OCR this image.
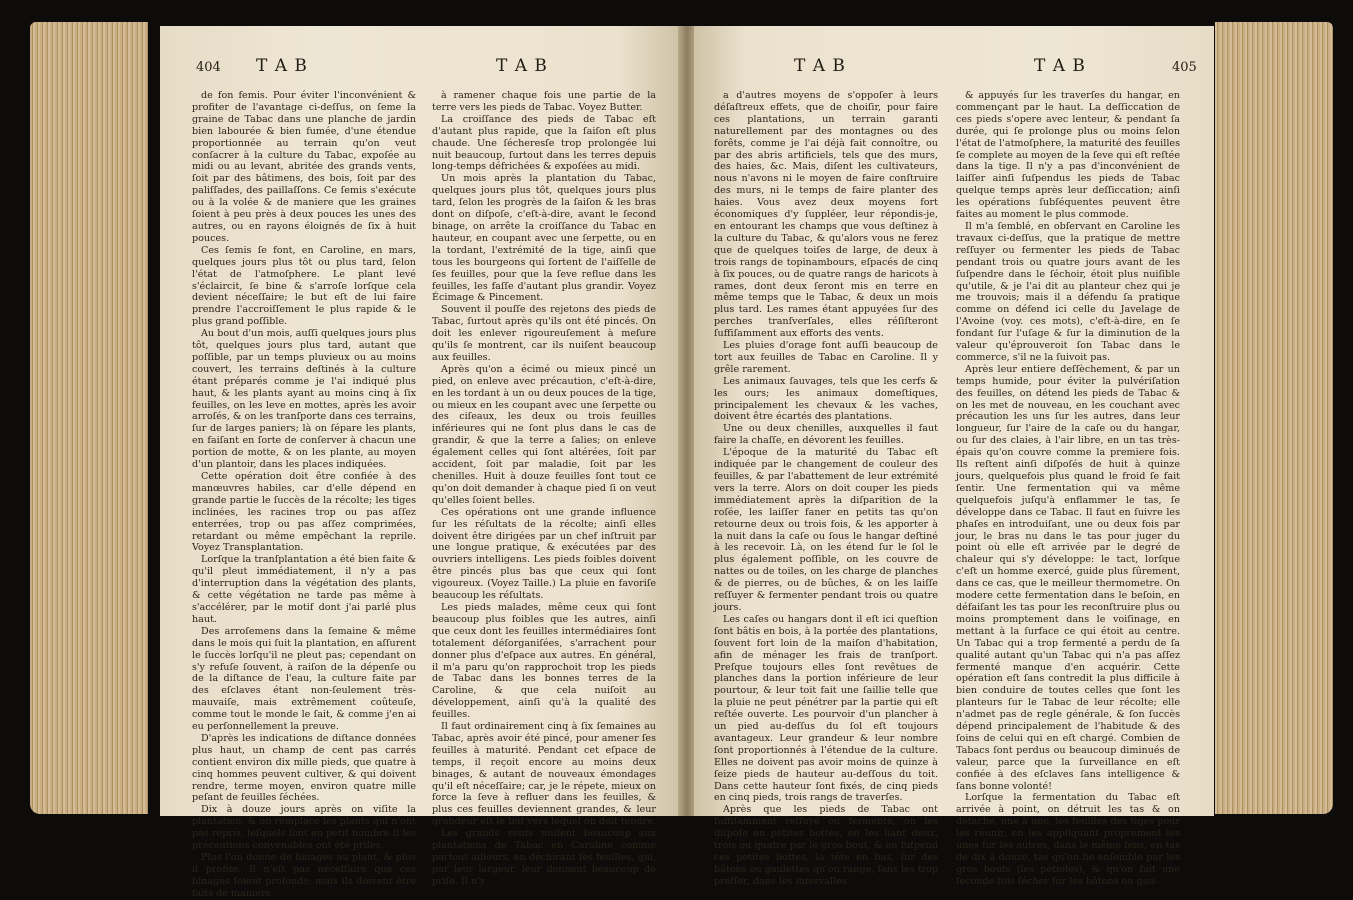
404 T A B	T A B

de fon femis. Pour éviter l'inconvénient & profiter de l'avantage ci-deſſus, on ſeme la graine de Tabac dans une planche de jardin bien labourée & bien fumée, d'une étendue proportionnée au terrain qu'on veut conſacrer à la culture du Tabac, expoſée au midi ou au levant, abritée des grands vents, ſoit par des bâtimens, des bois, ſoit par des paliſſades, des paillaſſons. Ce ſemis s'exécute ou à la volée & de maniere que les graines ſoient à peu près à deux pouces les unes des autres, ou en rayons éloignés de ſix à huit pouces.

Ces ſemis ſe font, en Caroline, en mars, quelques jours plus tôt ou plus tard, ſelon l'état de l'atmoſphere. Le plant levé s'éclaircit, ſe bine & s'arroſe lorſque cela devient néceſſaire; le but eſt de lui faire prendre l'accroiſſement le plus rapide & le plus grand poſſible.

Au bout d'un mois, auſſi quelques jours plus tôt, quelques jours plus tard, autant que poſſible, par un temps pluvieux ou au moins couvert, les terrains deſtinés à la culture étant préparés comme je l'ai indiqué plus haut, & les plants ayant au moins cinq à ſix feuilles, on les leve en mottes, après les avoir arroſés, & on les tranſporte dans ces terrains, ſur de larges paniers; là on ſépare les plants, en faiſant en ſorte de conſerver à chacun une portion de motte, & on les plante, au moyen d'un plantoir, dans les places indiquées.

Cette opération doit être confiée à des manœuvres habiles, car d'elle dépend en grande partie le ſuccès de la récolte; les tiges inclinées, les racines trop ou pas aſſez enterrées, trop ou pas aſſez comprimées, retardant ou même empêchant la reprile. Voyez Transplantation.

Lorſque la tranſplantation a été bien faite & qu'il pleut immédiatement, il n'y a pas d'interruption dans la végétation des plants, & cette végétation ne tarde pas même à s'accélérer, par le motif dont j'ai parlé plus haut.

Des arroſemens dans la ſemaine & même dans le mois qui ſuit la plantation, en aſſurent le ſuccès lorſqu'il ne pleut pas; cependant on s'y refuſe ſouvent, à raiſon de la dépenſe ou de la diſtance de l'eau, la culture faite par des eſclaves étant non-ſeulement très-mauvaiſe, mais extrêmement coûteuſe, comme tout le monde le ſait, & comme j'en ai eu perſonnellement la preuve.

D'après les indications de diſtance données plus haut, un champ de cent pas carrés contient environ dix mille pieds, que quatre à cinq hommes peuvent cultiver, & qui doivent rendre, terme moyen, environ quatre mille peſant de feuilles ſéchées.

Dix à douze jours après on viſite la plantation, & on remplace les plants qui n'ont pas repris, leſquels ſont en petit nombre ſi les précautions convenables ont été priſes.

Plus l'on donne de binages au plant, & plus il profite. Il n'eſt pas néceſſaire que ces binages ſoient profonds; mais ils doivent être faits de maniere

à ramener chaque fois une partie de la terre vers les pieds de Tabac. Voyez Butter.

La croiſſance des pieds de Tabac eſt d'autant plus rapide, que la ſaiſon eſt plus chaude. Une ſécheresſe trop prolongée lui nuit beaucoup, ſurtout dans les terres depuis long-temps défrichées & expoſées au midi.

Un mois après la plantation du Tabac, quelques jours plus tôt, quelques jours plus tard, ſelon les progrès de la ſaiſon & les bras dont on diſpoſe, c'eſt-à-dire, avant le ſecond binage, on arrête la croiſſance du Tabac en hauteur, en coupant avec une ſerpette, ou en la tordant, l'extrémité de la tige, ainſi que tous les bourgeons qui ſortent de l'aiſſelle de ſes feuilles, pour que la ſeve reflue dans les feuilles, les faſſe d'autant plus grandir. Voyez Écimage & Pincement.

Souvent il pouſſe des rejetons des pieds de Tabac, ſurtout après qu'ils ont été pincés. On doit les enlever rigoureuſement à meſure qu'ils ſe montrent, car ils nuiſent beaucoup aux feuilles.

Après qu'on a écimé ou mieux pincé un pied, on enleve avec précaution, c'eſt-à-dire, en les tordant à un ou deux pouces de la tige, ou mieux en les coupant avec une ſerpette ou des ciſeaux, les deux ou trois feuilles inférieures qui ne ſont plus dans le cas de grandir, & que la terre a ſalies; on enleve également celles qui ſont altérées, ſoit par accident, ſoit par maladie, ſoit par les chenilles. Huit à douze feuilles ſont tout ce qu'on doit demander à chaque pied ſi on veut qu'elles ſoient belles.

Ces opérations ont une grande influence ſur les réſultats de la récolte; ainſi elles doivent être dirigées par un chef inſtruit par une longue pratique, & exécutées par des ouvriers intelligens. Les pieds foibles doivent être pincés plus bas que ceux qui ſont vigoureux. (Voyez Taille.) La pluie en favoriſe beaucoup les réſultats.

Les pieds malades, même ceux qui ſont beaucoup plus foibles que les autres, ainſi que ceux dont les feuilles intermédiaires ſont totalement déſorganiſées, s'arrachent pour donner plus d'eſpace aux autres. En général, il m'a paru qu'on rapprochoit trop les pieds de Tabac dans les bonnes terres de la Caroline, & que cela nuiſoit au développement, ainſi qu'à la qualité des feuilles.

Il faut ordinairement cinq à ſix ſemaines au Tabac, après avoir été pincé, pour amener ſes feuilles à maturité. Pendant cet eſpace de temps, il reçoit encore au moins deux binages, & autant de nouveaux émondages qu'il eſt néceſſaire; car, je le répete, mieux on force la ſeve à refluer dans les feuilles, & plus ces feuilles deviennent grandes, & leur grandeur eſt le but vers lequel on doit tendre.

Les grands vents nuiſent beaucoup aux plantations de Tabac en Caroline comme partout ailleurs, en déchirant ſes feuilles, qui, par leur largeur, leur donnent beaucoup de priſe. Il n'y

T A B	T A B	405

a d'autres moyens de s'oppoſer à leurs déſaſtreux effets, que de choiſir, pour faire ces plantations, un terrain garanti naturellement par des montagnes ou des forêts, comme je l'ai déjà fait connoître, ou par des abris artificiels, tels que des murs, des haies, &c. Mais, diſent les cultivateurs, nous n'avons ni le moyen de faire conſtruire des murs, ni le temps de faire planter des haies. Vous avez deux moyens fort économiques d'y ſuppléer, leur répondis-je, en entourant les champs que vous deſtinez à la culture du Tabac, & qu'alors vous ne ferez que de quelques toiſes de large, de deux à trois rangs de topinambours, eſpacés de cinq à ſix pouces, ou de quatre rangs de haricots à rames, dont deux ſeront mis en terre en même temps que le Tabac, & deux un mois plus tard. Les rames étant appuyées ſur des perches tranſverſales, elles réſiſteront ſuffiſamment aux efforts des vents.

Les pluies d'orage font auſſi beaucoup de tort aux feuilles de Tabac en Caroline. Il y grêle rarement.

Les animaux ſauvages, tels que les cerfs & les ours; les animaux domeſtiques, principalement les chevaux & les vaches, doivent être écartés des plantations.

Une ou deux chenilles, auxquelles il faut faire la chaſſe, en dévorent les feuilles.

L'époque de la maturité du Tabac eſt indiquée par le changement de couleur des feuilles, & par l'abattement de leur extrémité vers la terre. Alors on doit couper les pieds immédiatement après la diſparition de la roſée, les laiſſer faner en petits tas qu'on retourne deux ou trois fois, & les apporter à la nuit dans la caſe ou ſous le hangar deſtiné à les recevoir. Là, on les étend ſur le ſol le plus également poſſible, on les couvre de nattes ou de toiles, on les charge de planches & de pierres, ou de bûches, & on les laiſſe reſſuyer & fermenter pendant trois ou quatre jours.

Les caſes ou hangars dont il eſt ici queſtion ſont bâtis en bois, à la portée des plantations, ſouvent fort loin de la maiſon d'habitation, afin de ménager les frais de tranſport. Preſque toujours elles ſont revêtues de planches dans la portion inférieure de leur pourtour, & leur toit fait une ſaillie telle que la pluie ne peut pénétrer par la partie qui eſt reſtée ouverte. Les pourvoir d'un plancher à un pied au-deſſus du ſol eſt toujours avantageux. Leur grandeur & leur nombre ſont proportionnés à l'étendue de la culture. Elles ne doivent pas avoir moins de quinze à ſeize pieds de hauteur au-deſſous du toit. Dans cette hauteur ſont fixés, de cinq pieds en cinq pieds, trois rangs de traverſes.

Après que les pieds de Tabac ont ſuffiſamment reſſuyé ou fermenté, on les diſpoſe en petites bottes, en les liant deux, trois ou quatre par le gros bout, & on ſuſpend ces petites bottes, la tête en bas, ſur des bâtons ou gaulettes qu'on range, ſans les trop preſſer, dans les intervalles

& appuyés ſur les traverſes du hangar, en commençant par le haut. La deſſiccation de ces pieds s'opere avec lenteur, & pendant ſa durée, qui ſe prolonge plus ou moins ſelon l'état de l'atmoſphere, la maturité des feuilles ſe complete au moyen de la ſeve qui eſt reſtée dans la tige. Il n'y a pas d'inconvénient de laiſſer ainſi ſuſpendus les pieds de Tabac quelque temps après leur deſſiccation; ainſi les opérations ſubſéquentes peuvent être faites au moment le plus commode.

Il m'a ſemblé, en obſervant en Caroline les travaux ci-deſſus, que la pratique de mettre reſſuyer ou fermenter les pieds de Tabac pendant trois ou quatre jours avant de les ſuſpendre dans le ſéchoir, étoit plus nuiſible qu'utile, & je l'ai dit au planteur chez qui je me trouvois; mais il a défendu ſa pratique comme on défend ici celle du Javelage de l'Avoine (voy. ces mots), c'eſt-à-dire, en ſe fondant ſur l'uſage & ſur la diminution de la valeur qu'éprouveroit ſon Tabac dans le commerce, s'il ne la ſuivoit pas.

Après leur entiere deſſèchement, & par un temps humide, pour éviter la pulvériſation des feuilles, on détend les pieds de Tabac & on les met de nouveau, en les couchant avec précaution les uns ſur les autres, dans leur longueur, ſur l'aire de la caſe ou du hangar, ou ſur des claies, à l'air libre, en un tas très-épais qu'on couvre comme la premiere fois. Ils reſtent ainſi diſpoſés de huit à quinze jours, quelquefois plus quand le froid ſe fait ſentir. Une fermentation qui va même quelquefois juſqu'à enflammer le tas, ſe développe dans ce Tabac. Il faut en ſuivre les phaſes en introduiſant, une ou deux fois par jour, le bras nu dans le tas pour juger du point où elle eſt arrivée par le degré de chaleur qui s'y développe: le tact, lorſque c'eſt un homme exercé, guide plus ſûrement, dans ce cas, que le meilleur thermometre. On modere cette fermentation dans le beſoin, en défaiſant les tas pour les reconſtruire plus ou moins promptement dans le voiſinage, en mettant à la ſurface ce qui étoit au centre. Un Tabac qui a trop fermenté a perdu de ſa qualité autant qu'un Tabac qui n'a pas aſſez fermenté manque d'en acquérir. Cette opération eſt ſans contredit la plus difficile à bien conduire de toutes celles que ſont les planteurs ſur le Tabac de leur récolte; elle n'admet pas de regle générale, & ſon ſuccès dépend principalement de l'habitude & des ſoins de celui qui en eſt chargé. Combien de Tabacs ſont perdus ou beaucoup diminués de valeur, parce que la ſurveillance en eſt confiée à des eſclaves ſans intelligence & ſans bonne volonté!

Lorſque la fermentation du Tabac eſt arrivée à point, on détruit les tas & on détache, une à une, les feuilles des tiges pour les réunir, en les appliquant proprement les unes ſur les autres, dans le même ſens, en tas de dix à douze, tas qu'on lie enſemble par les gros bouts (les pétioles), & qu'on fait une ſeconde fois ſécher ſur les bâtons ou gau-
